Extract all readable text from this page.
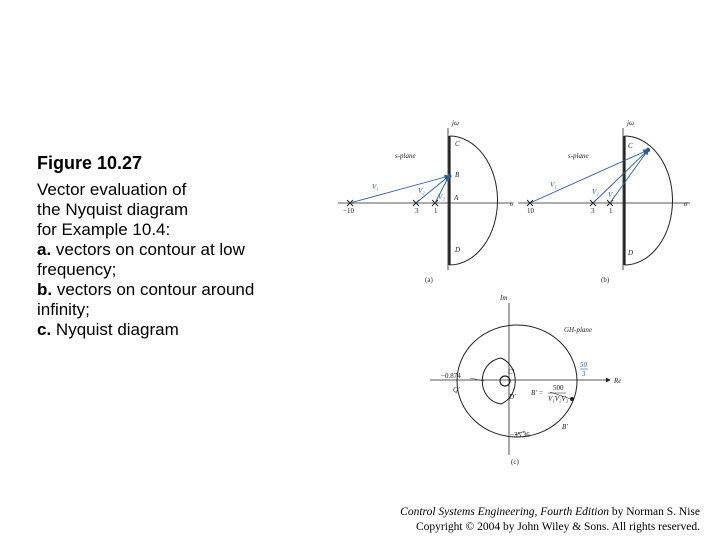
Figure 10.27
Vector evaluation of
the Nyquist diagram
for Example 10.4:
a. vectors on contour at low
frequency;
b. vectors on contour around
infinity;
c. Nyquist diagram
jω
σ
s-plane
−10	3 1
V₁	V₂
V₃
C
B
A
D
(a)
jω
σ
s-plane
10	3 1
V₁
V₂ V₃
C
D
(b)
Im
Re
GH-plane
−0.874
Q'
C'
D' B' =
500
V₁V₂V₃
−35.36
B'
50
3
(c)
Control Systems Engineering, Fourth Edition by Norman S. Nise
Copyright © 2004 by John Wiley & Sons. All rights reserved.
